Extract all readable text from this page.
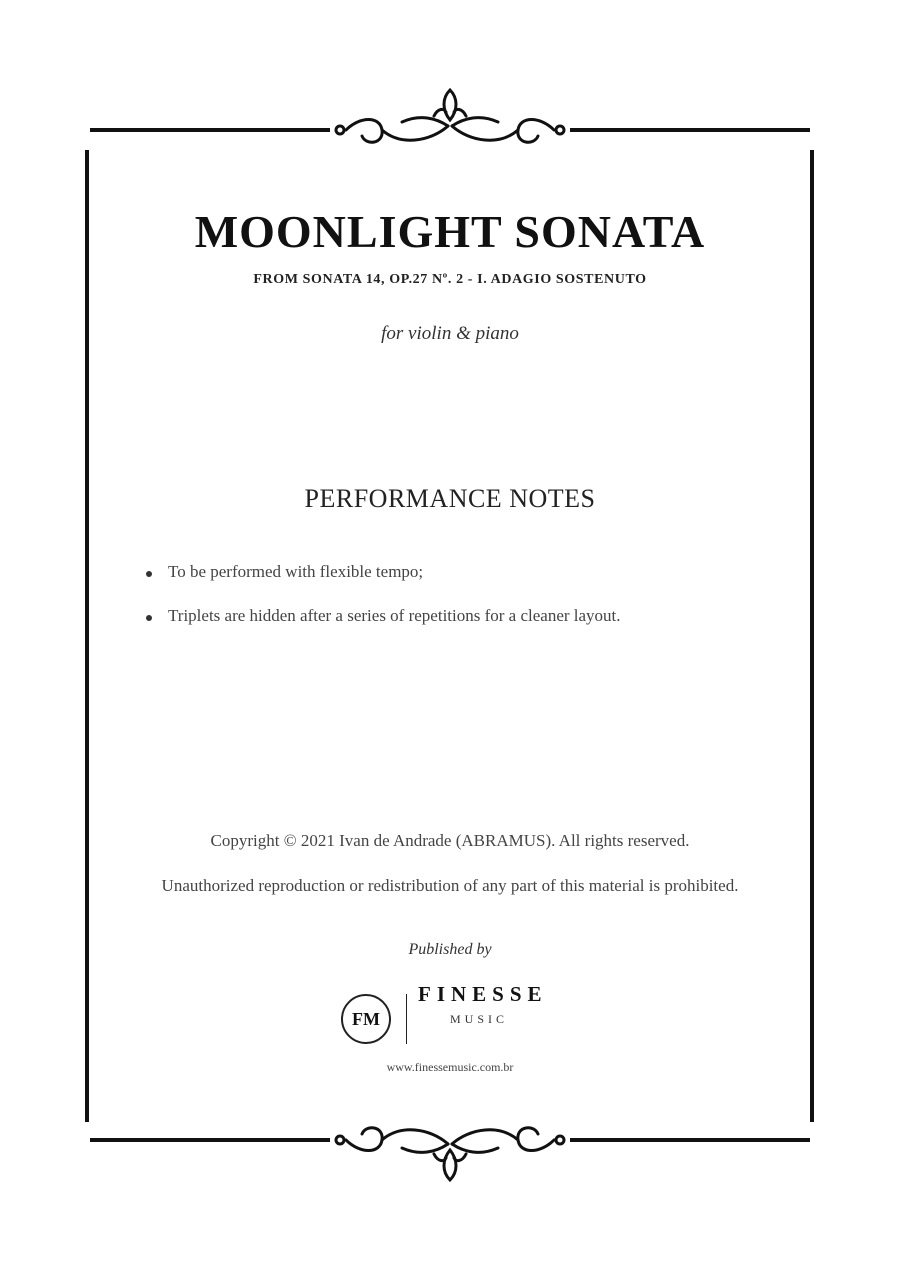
MOONLIGHT SONATA
FROM SONATA 14, OP.27 Nº. 2 - I. ADAGIO SOSTENUTO
for violin & piano
PERFORMANCE NOTES
To be performed with flexible tempo;
Triplets are hidden after a series of repetitions for a cleaner layout.
Copyright © 2021 Ivan de Andrade (ABRAMUS). All rights reserved.
Unauthorized reproduction or redistribution of any part of this material is prohibited.
Published by
FM
FINESSE
MUSIC
www.finessemusic.com.br
